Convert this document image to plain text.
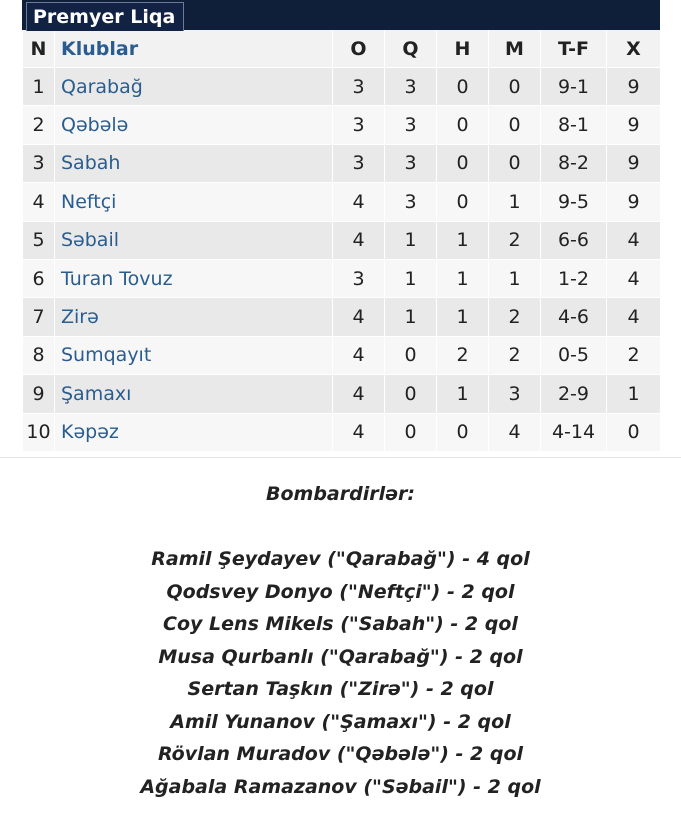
Premyer Liqa
N	Klublar	O	Q	H	M	T-F	X
1	Qarabağ	3	3	0	0	9-1	9
2	Qəbələ	3	3	0	0	8-1	9
3	Sabah	3	3	0	0	8-2	9
4	Neftçi	4	3	0	1	9-5	9
5	Səbail	4	1	1	2	6-6	4
6	Turan Tovuz	3	1	1	1	1-2	4
7	Zirə	4	1	1	2	4-6	4
8	Sumqayıt	4	0	2	2	0-5	2
9	Şamaxı	4	0	1	3	2-9	1
10	Kəpəz	4	0	0	4	4-14	0
Bombardirlər:
Ramil Şeydayev ("Qarabağ") - 4 qol
Qodsvey Donyo ("Neftçi") - 2 qol
Coy Lens Mikels ("Sabah") - 2 qol
Musa Qurbanlı ("Qarabağ") - 2 qol
Sertan Taşkın ("Zirə") - 2 qol
Amil Yunanov ("Şamaxı") - 2 qol
Rövlan Muradov ("Qəbələ") - 2 qol
Ağabala Ramazanov ("Səbail") - 2 qol
